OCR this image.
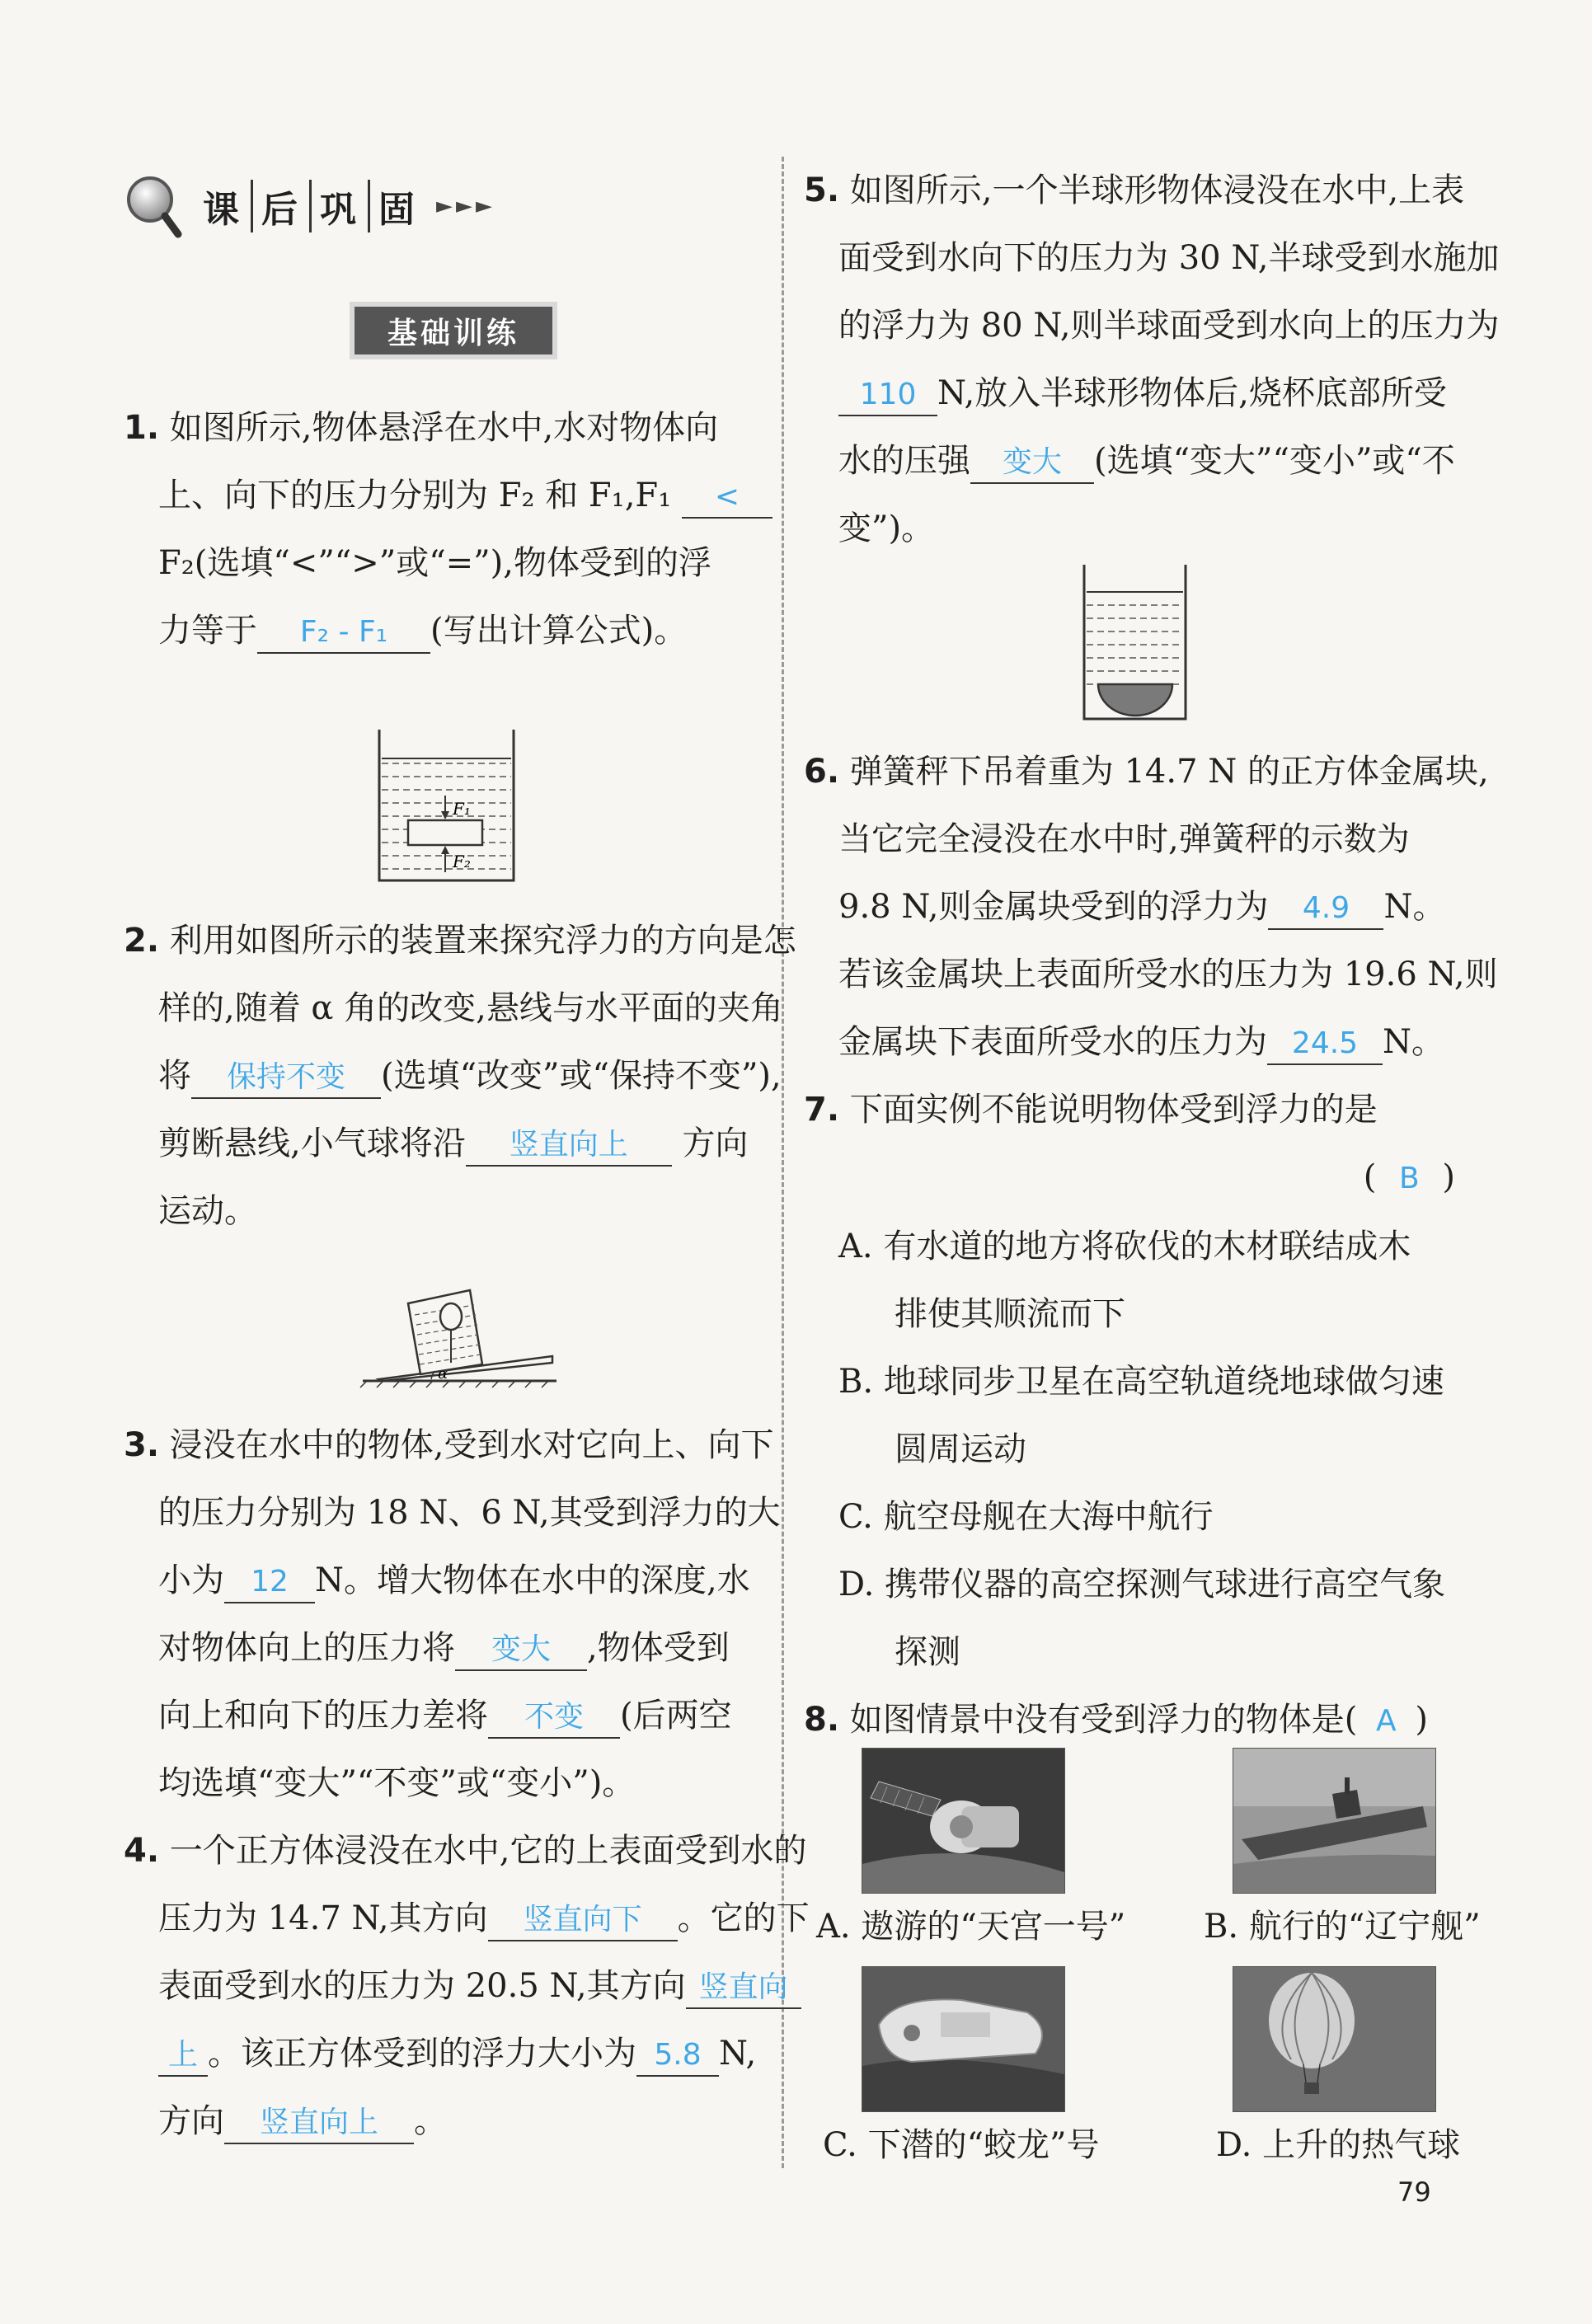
课 后 巩 固 ►►►
基础训练
1. 如图所示,物体悬浮在水中,水对物体向
上、向下的压力分别为 F₂ 和 F₁,F₁ <
F₂(选填“<”“>”或“=”),物体受到的浮
力等于 F₂ - F₁ (写出计算公式)。
F₁
F₂
2. 利用如图所示的装置来探究浮力的方向是怎
样的,随着 α 角的改变,悬线与水平面的夹角
将 保持不变 (选填“改变”或“保持不变”),
剪断悬线,小气球将沿 竖直向上 方向
运动。
α
3. 浸没在水中的物体,受到水对它向上、向下
的压力分别为 18 N、6 N,其受到浮力的大
小为 12 N。增大物体在水中的深度,水
对物体向上的压力将 变大 ,物体受到
向上和向下的压力差将 不变 (后两空
均选填“变大”“不变”或“变小”)。
4. 一个正方体浸没在水中,它的上表面受到水的
压力为 14.7 N,其方向 竖直向下 。它的下
表面受到水的压力为 20.5 N,其方向 竖直向
上 。该正方体受到的浮力大小为 5.8 N,
方向 竖直向上 。
5. 如图所示,一个半球形物体浸没在水中,上表
面受到水向下的压力为 30 N,半球受到水施加
的浮力为 80 N,则半球面受到水向上的压力为
110 N,放入半球形物体后,烧杯底部所受
水的压强 变大 (选填“变大”“变小”或“不
变”)。
6. 弹簧秤下吊着重为 14.7 N 的正方体金属块,
当它完全浸没在水中时,弹簧秤的示数为
9.8 N,则金属块受到的浮力为 4.9 N。
若该金属块上表面所受水的压力为 19.6 N,则
金属块下表面所受水的压力为 24.5 N。
7. 下面实例不能说明物体受到浮力的是
( B )
A. 有水道的地方将砍伐的木材联结成木
排使其顺流而下
B. 地球同步卫星在高空轨道绕地球做匀速
圆周运动
C. 航空母舰在大海中航行
D. 携带仪器的高空探测气球进行高空气象
探测
8. 如图情景中没有受到浮力的物体是( A )
A. 遨游的“天宫一号” B. 航行的“辽宁舰”
C. 下潜的“蛟龙”号	D. 上升的热气球
79
